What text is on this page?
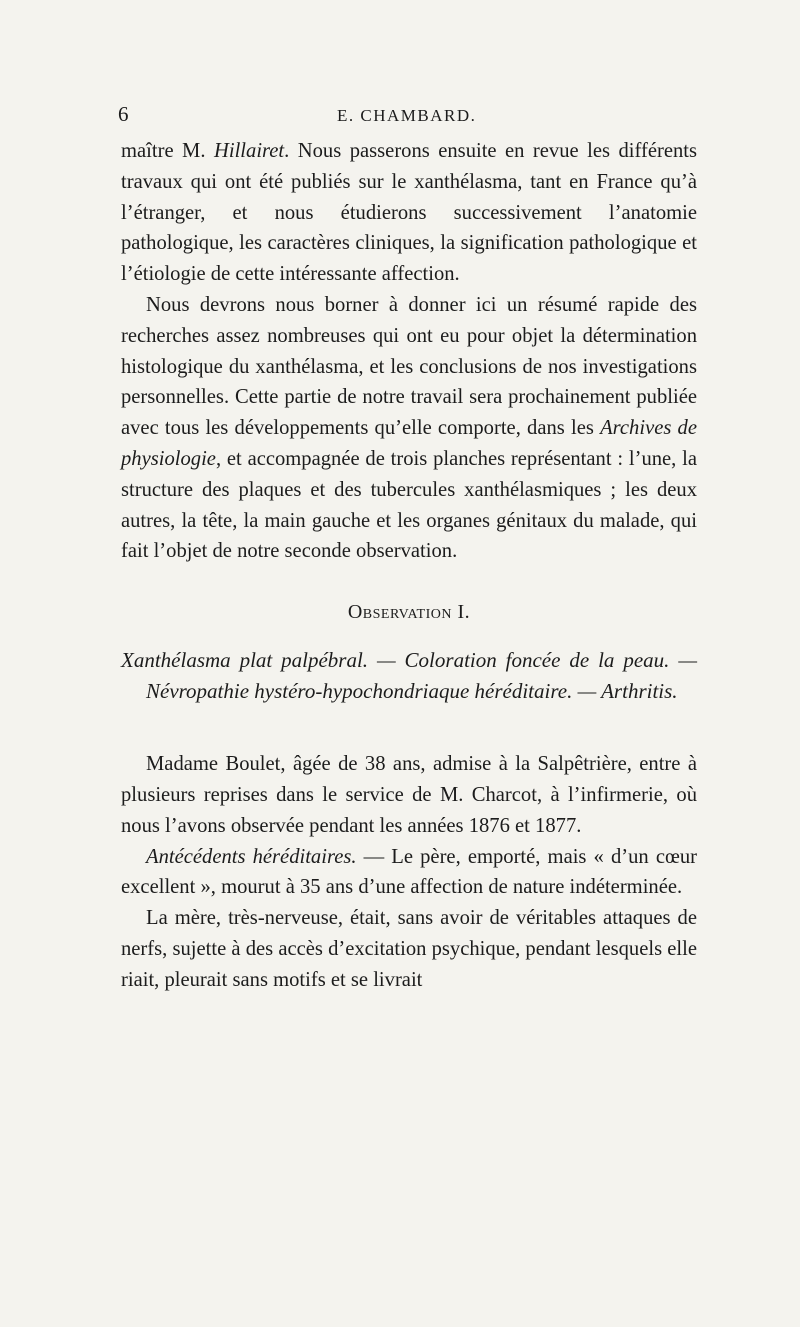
6	E. CHAMBARD.

maître M. Hillairet. Nous passerons ensuite en revue les différents travaux qui ont été publiés sur le xanthélasma, tant en France qu’à l’étranger, et nous étudierons successivement l’anatomie pathologique, les caractères cliniques, la signification pathologique et l’étiologie de cette intéressante affection.

Nous devrons nous borner à donner ici un résumé rapide des recherches assez nombreuses qui ont eu pour objet la détermination histologique du xanthélasma, et les conclusions de nos investigations personnelles. Cette partie de notre travail sera prochainement publiée avec tous les développements qu’elle comporte, dans les Archives de physiologie, et accompagnée de trois planches représentant : l’une, la structure des plaques et des tubercules xanthélasmiques ; les deux autres, la tête, la main gauche et les organes génitaux du malade, qui fait l’objet de notre seconde observation.

Observation I.

Xanthélasma plat palpébral. — Coloration foncée de la peau. — Névropathie hystéro-hypochondriaque héréditaire. — Arthritis.

Madame Boulet, âgée de 38 ans, admise à la Salpêtrière, entre à plusieurs reprises dans le service de M. Charcot, à l’infirmerie, où nous l’avons observée pendant les années 1876 et 1877.

Antécédents héréditaires. — Le père, emporté, mais « d’un cœur excellent », mourut à 35 ans d’une affection de nature indéterminée.

La mère, très-nerveuse, était, sans avoir de véritables attaques de nerfs, sujette à des accès d’excitation psychique, pendant lesquels elle riait, pleurait sans motifs et se livrait
